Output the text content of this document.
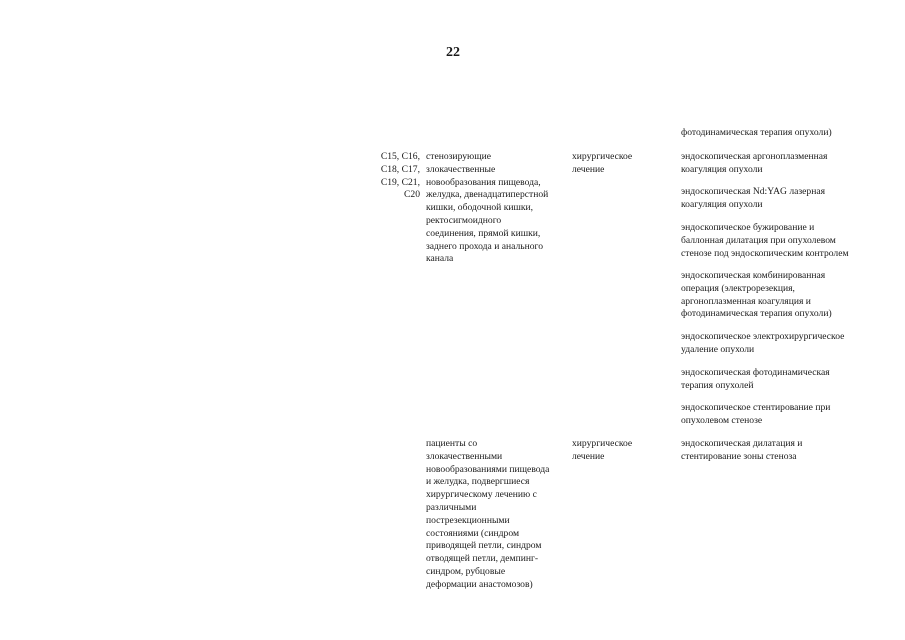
22
фотодинамическая терапия опухоли)
C15, C16,
C18, C17,
C19, C21,
C20
стенозирующие
злокачественные
новообразования пищевода,
желудка, двенадцатиперстной
кишки, ободочной кишки,
ректосигмоидного
соединения, прямой кишки,
заднего прохода и анального
канала
хирургическое
лечение
эндоскопическая аргоноплазменная
коагуляция опухоли
эндоскопическая Nd:YAG лазерная
коагуляция опухоли
эндоскопическое бужирование и
баллонная дилатация при опухолевом
стенозе под эндоскопическим контролем
эндоскопическая комбинированная
операция (электрорезекция,
аргоноплазменная коагуляция и
фотодинамическая терапия опухоли)
эндоскопическое электрохирургическое
удаление опухоли
эндоскопическая фотодинамическая
терапия опухолей
эндоскопическое стентирование при
опухолевом стенозе
пациенты со
злокачественными
новообразованиями пищевода
и желудка, подвергшиеся
хирургическому лечению с
различными
пострезекционными
состояниями (синдром
приводящей петли, синдром
отводящей петли, демпинг-
синдром, рубцовые
деформации анастомозов)
хирургическое
лечение
эндоскопическая дилатация и
стентирование зоны стеноза
